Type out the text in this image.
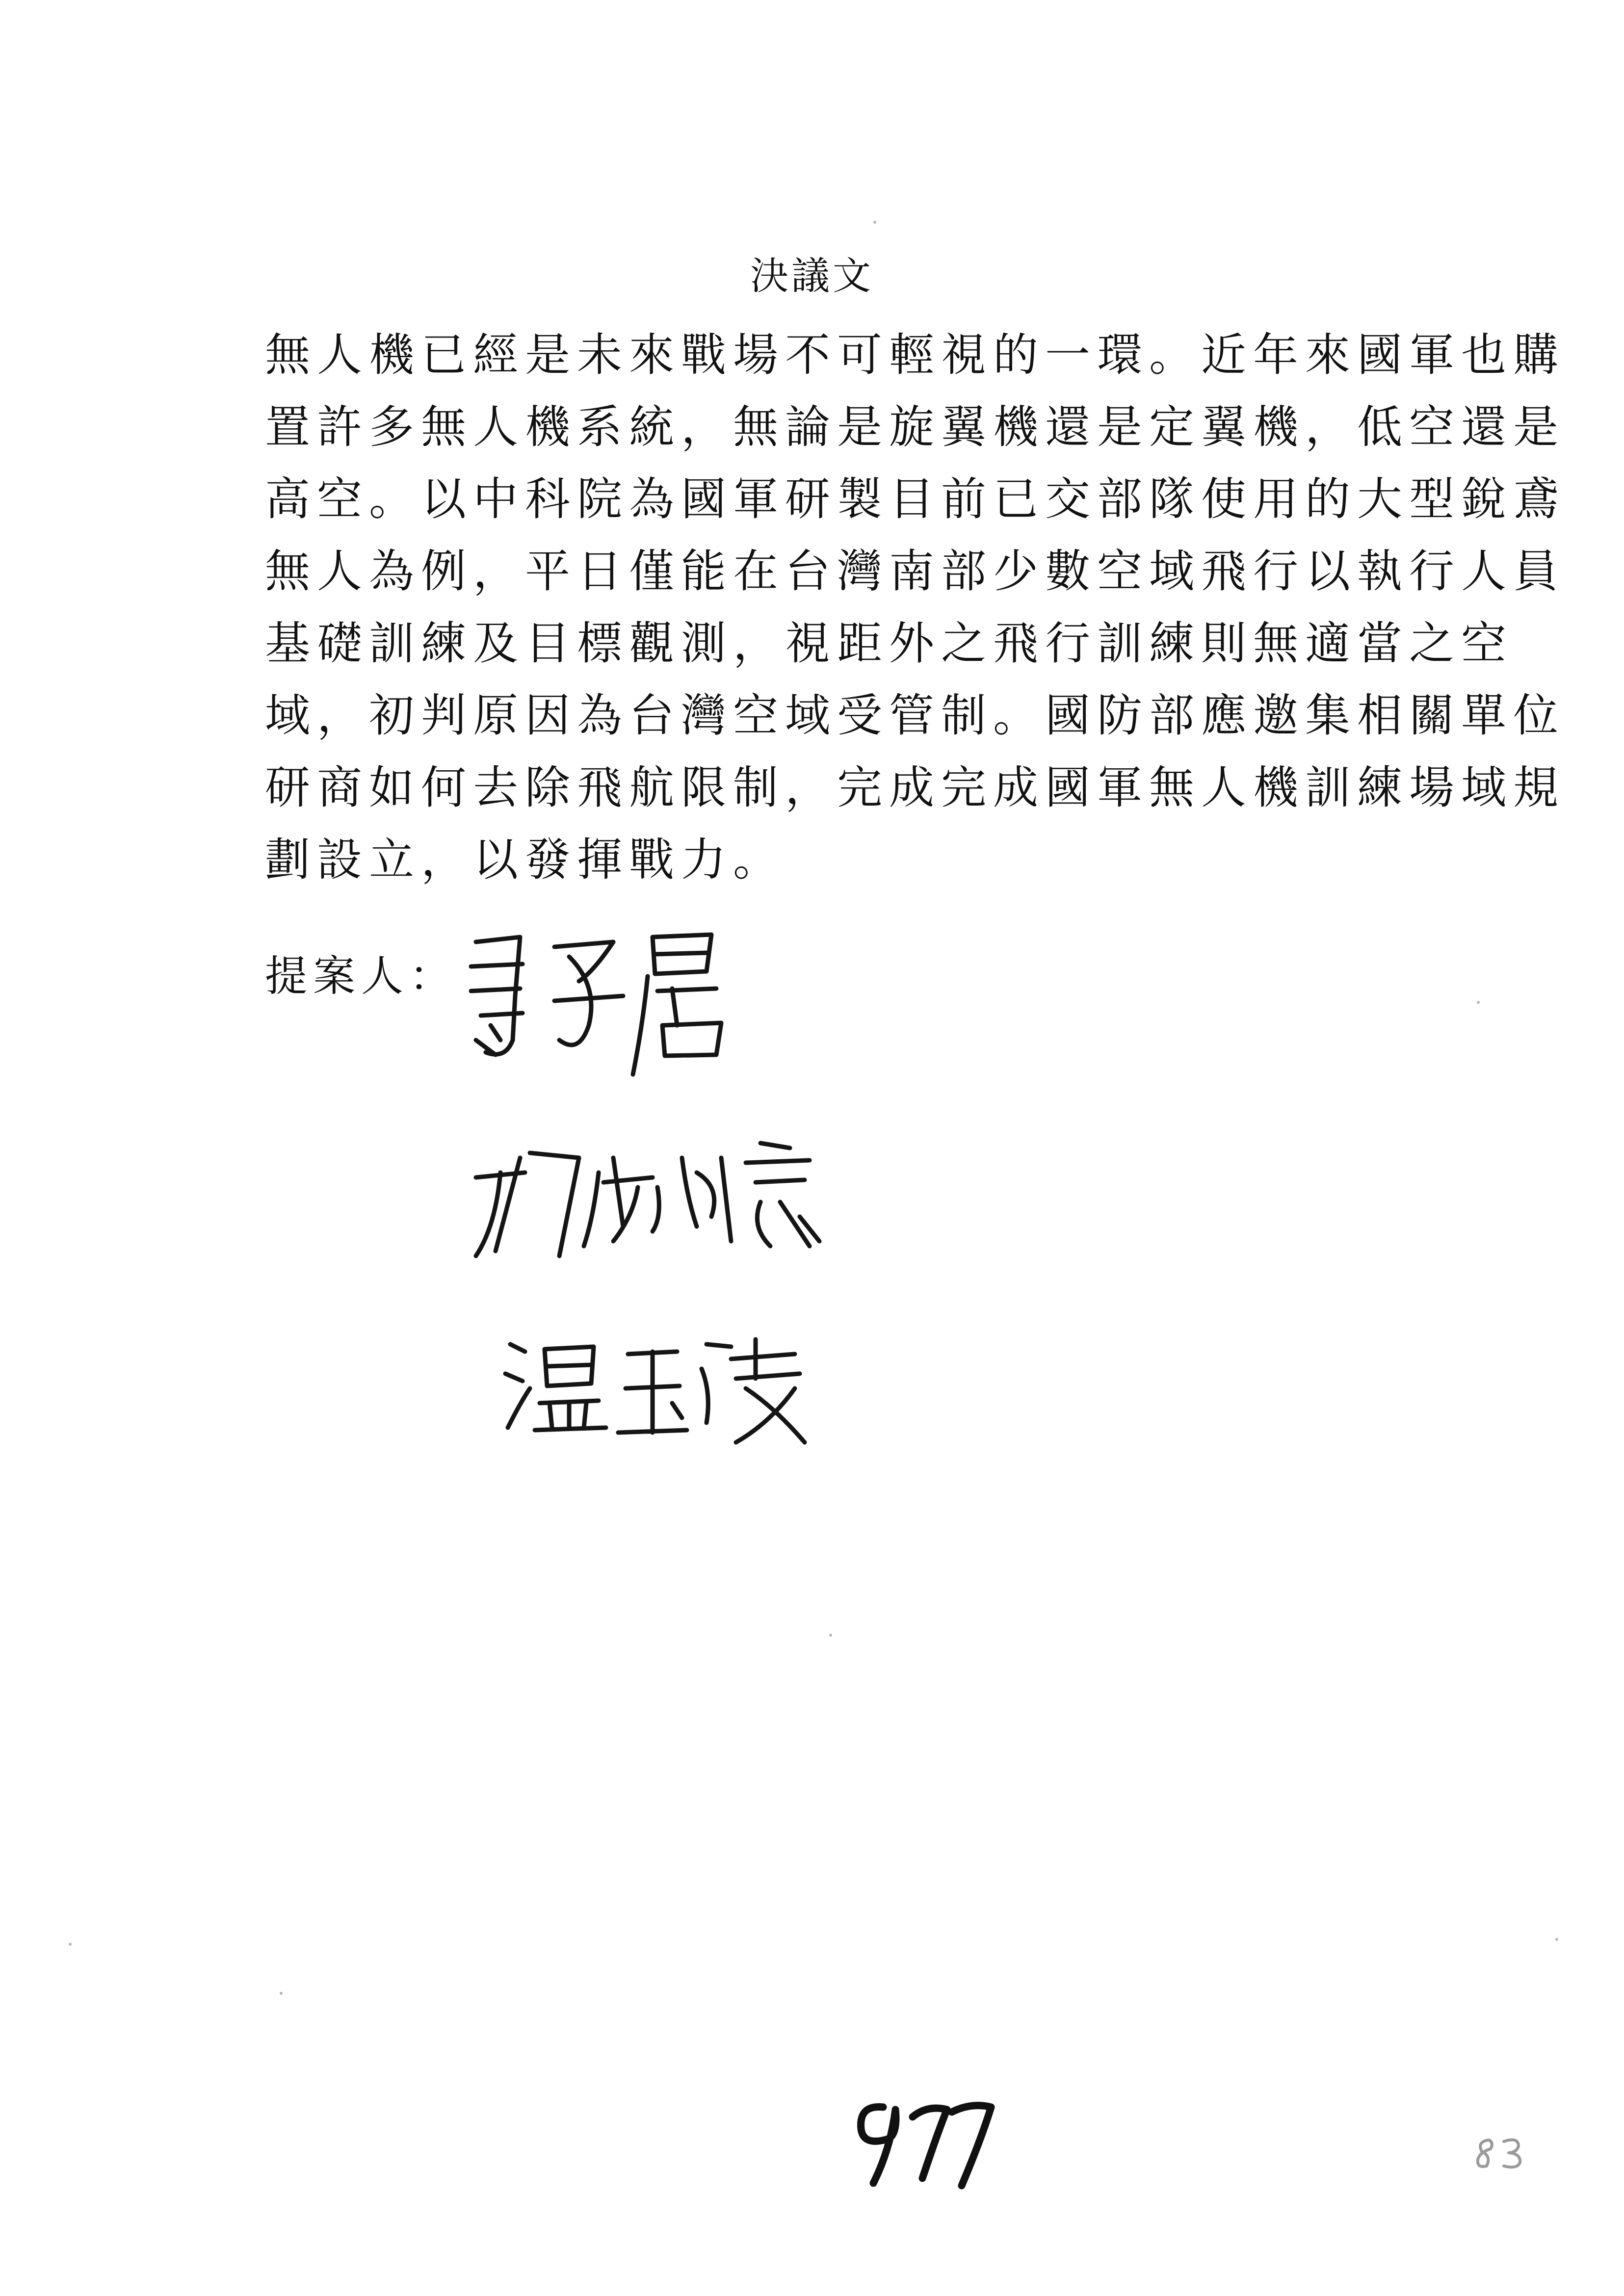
決議文
無人機已經是未來戰場不可輕視的一環。近年來國軍也購
置許多無人機系統，無論是旋翼機還是定翼機，低空還是
高空。以中科院為國軍研製目前已交部隊使用的大型銳鳶
無人為例，平日僅能在台灣南部少數空域飛行以執行人員
基礎訓練及目標觀測，視距外之飛行訓練則無適當之空
域，初判原因為台灣空域受管制。國防部應邀集相關單位
研商如何去除飛航限制，完成完成國軍無人機訓練場域規
劃設立，以發揮戰力。
提案人：
